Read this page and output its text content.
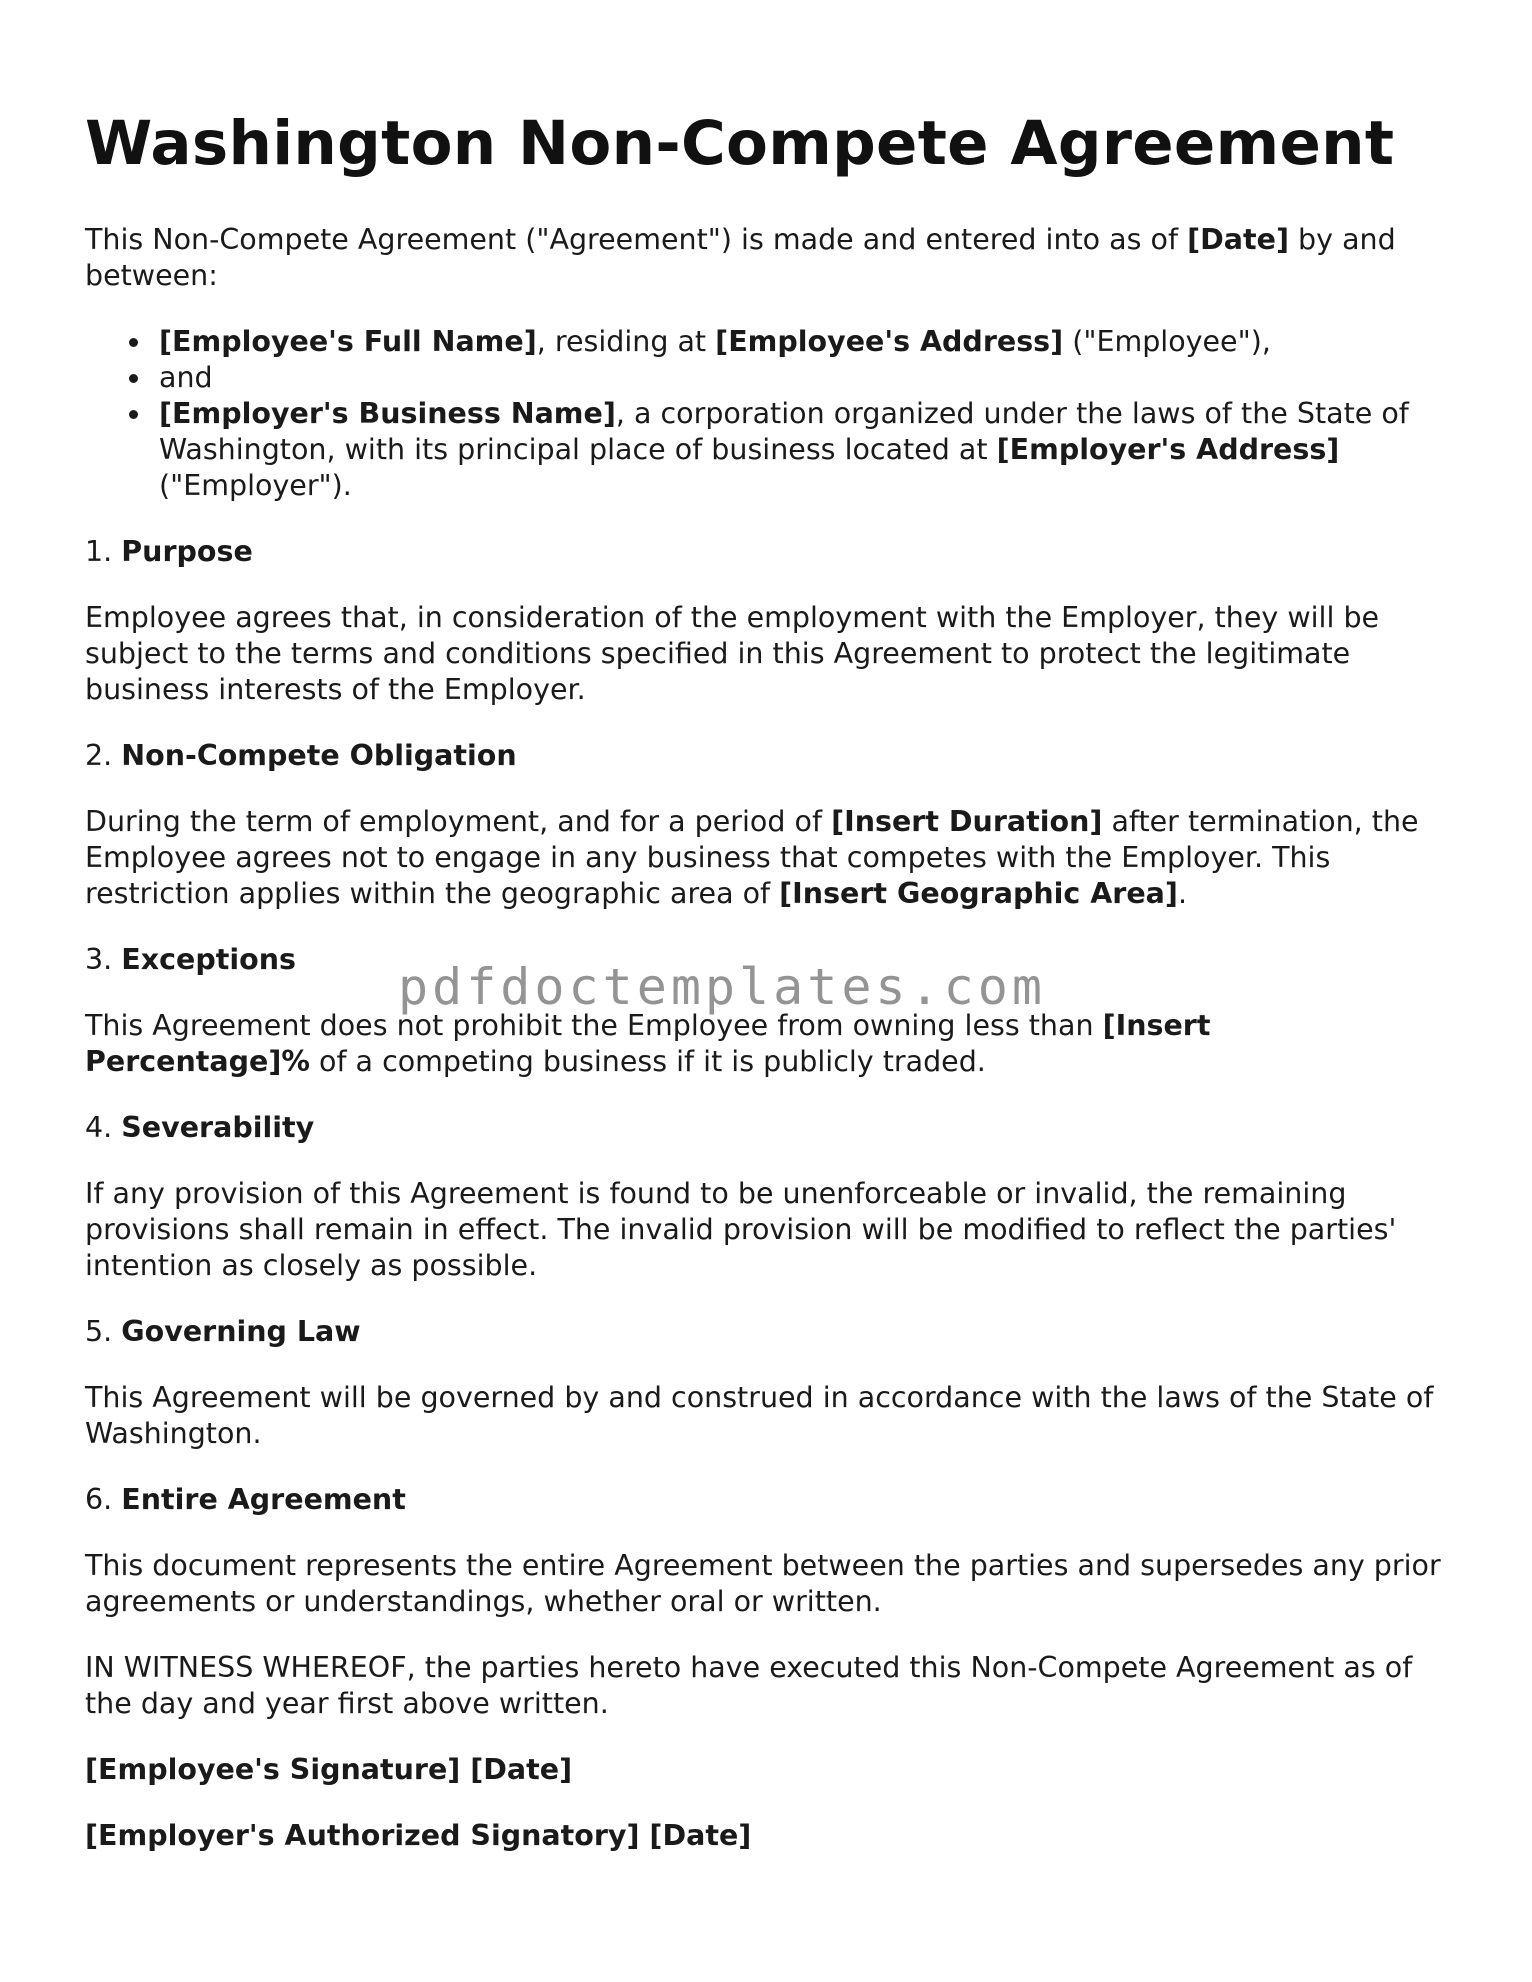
Washington Non-Compete Agreement

This Non-Compete Agreement ("Agreement") is made and entered into as of [Date] by and between:

[Employee's Full Name], residing at [Employee's Address] ("Employee"),
and
[Employer's Business Name], a corporation organized under the laws of the State of Washington, with its principal place of business located at [Employer's Address] ("Employer").

1. Purpose

Employee agrees that, in consideration of the employment with the Employer, they will be subject to the terms and conditions specified in this Agreement to protect the legitimate business interests of the Employer.

2. Non-Compete Obligation

During the term of employment, and for a period of [Insert Duration] after termination, the Employee agrees not to engage in any business that competes with the Employer. This restriction applies within the geographic area of [Insert Geographic Area].

3. Exceptions

This Agreement does not prohibit the Employee from owning less than [Insert Percentage]% of a competing business if it is publicly traded.

4. Severability

If any provision of this Agreement is found to be unenforceable or invalid, the remaining provisions shall remain in effect. The invalid provision will be modified to reflect the parties' intention as closely as possible.

5. Governing Law

This Agreement will be governed by and construed in accordance with the laws of the State of Washington.

6. Entire Agreement

This document represents the entire Agreement between the parties and supersedes any prior agreements or understandings, whether oral or written.

IN WITNESS WHEREOF, the parties hereto have executed this Non-Compete Agreement as of the day and year first above written.

[Employee's Signature] [Date]

[Employer's Authorized Signatory] [Date]

pdfdoctemplates.com
